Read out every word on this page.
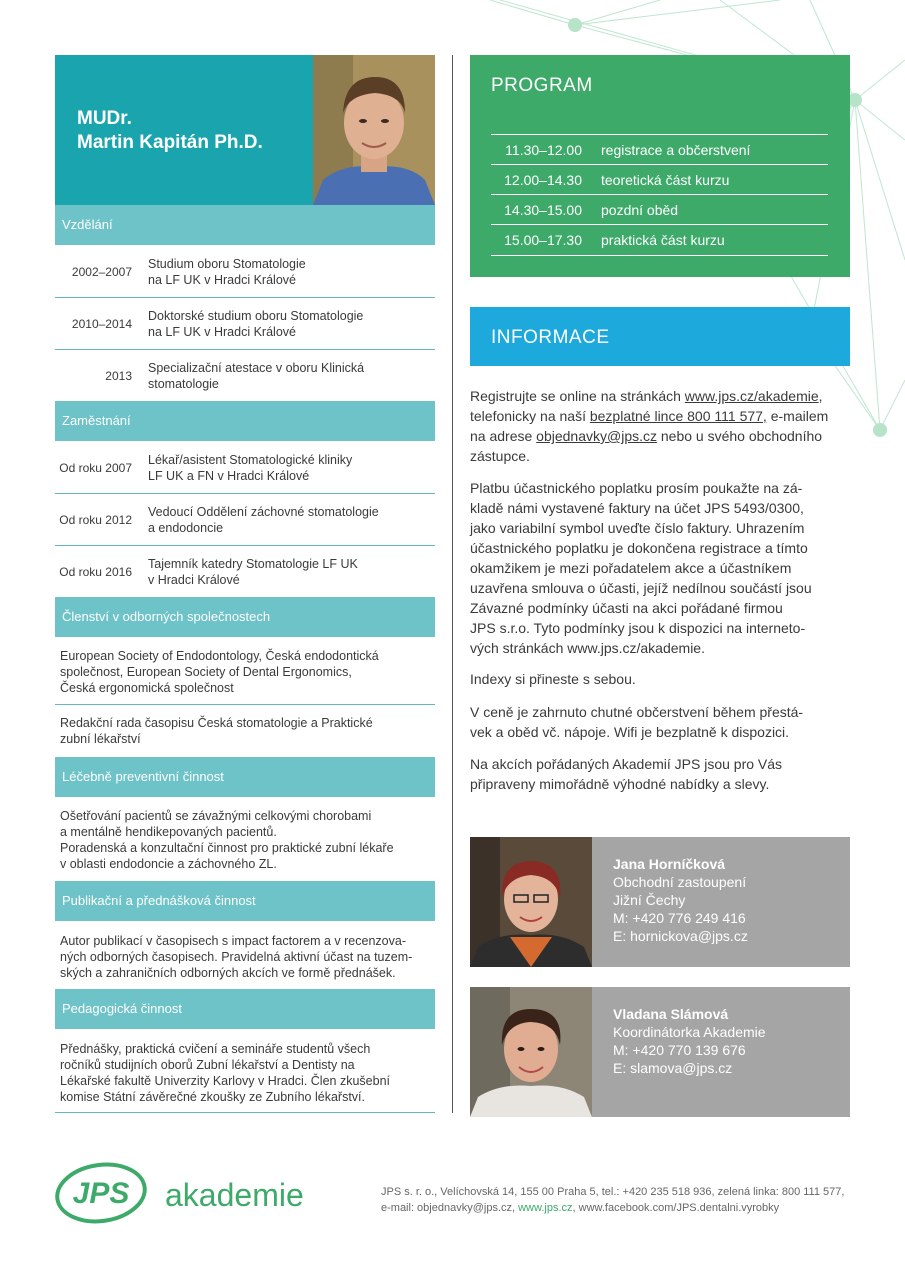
MUDr.
Martin Kapitán Ph.D.
Vzdělání
2002–2007
Studium oboru Stomatologie
na LF UK v Hradci Králové
2010–2014
Doktorské studium oboru Stomatologie
na LF UK v Hradci Králové
2013
Specializační atestace v oboru Klinická
stomatologie
Zaměstnání
Od roku 2007
Lékař/asistent Stomatologické kliniky
LF UK a FN v Hradci Králové
Od roku 2012
Vedoucí Oddělení záchovné stomatologie
a endodoncie
Od roku 2016
Tajemník katedry Stomatologie LF UK
v Hradci Králové
Členství v odborných společnostech
European Society of Endodontology, Česká endodontická
společnost, European Society of Dental Ergonomics,
Česká ergonomická společnost
Redakční rada časopisu Česká stomatologie a Praktické
zubní lékařství
Léčebně preventivní činnost
Ošetřování pacientů se závažnými celkovými chorobami
a mentálně hendikepovaných pacientů.
Poradenská a konzultační činnost pro praktické zubní lékaře
v oblasti endodoncie a záchovného ZL.
Publikační a přednášková činnost
Autor publikací v časopisech s impact factorem a v recenzova-
ných odborných časopisech. Pravidelná aktivní účast na tuzem-
ských a zahraničních odborných akcích ve formě přednášek.
Pedagogická činnost
Přednášky, praktická cvičení a semináře studentů všech
ročníků studijních oborů Zubní lékařství a Dentisty na
Lékařské fakultě Univerzity Karlovy v Hradci. Člen zkušební
komise Státní závěrečné zkoušky ze Zubního lékařství.
PROGRAM
11.30–12.00 registrace a občerstvení
12.00–14.30 teoretická část kurzu
14.30–15.00 pozdní oběd
15.00–17.30 praktická část kurzu
INFORMACE
Registrujte se online na stránkách www.jps.cz/akademie,
telefonicky na naší bezplatné lince 800 111 577, e-mailem
na adrese objednavky@jps.cz nebo u svého obchodního
zástupce.
Platbu účastnického poplatku prosím poukažte na zá-
kladě námi vystavené faktury na účet JPS 5493/0300,
jako variabilní symbol uveďte číslo faktury. Uhrazením
účastnického poplatku je dokončena registrace a tímto
okamžikem je mezi pořadatelem akce a účastníkem
uzavřena smlouva o účasti, jejíž nedílnou součástí jsou
Závazné podmínky účasti na akci pořádané firmou
JPS s.r.o. Tyto podmínky jsou k dispozici na interneto-
vých stránkách www.jps.cz/akademie.
Indexy si přineste s sebou.
V ceně je zahrnuto chutné občerstvení během přestá-
vek a oběd vč. nápoje. Wifi je bezplatně k dispozici.
Na akcích pořádaných Akademií JPS jsou pro Vás
připraveny mimořádně výhodné nabídky a slevy.
Jana Horníčková
Obchodní zastoupení
Jižní Čechy
M: +420 776 249 416
E: hornickova@jps.cz
Vladana Slámová
Koordinátorka Akademie
M: +420 770 139 676
E: slamova@jps.cz
JPS akademie	JPS s. r. o., Velíchovská 14, 155 00 Praha 5, tel.: +420 235 518 936, zelená linka: 800 111 577,
e-mail: objednavky@jps.cz, www.jps.cz, www.facebook.com/JPS.dentalni.vyrobky
